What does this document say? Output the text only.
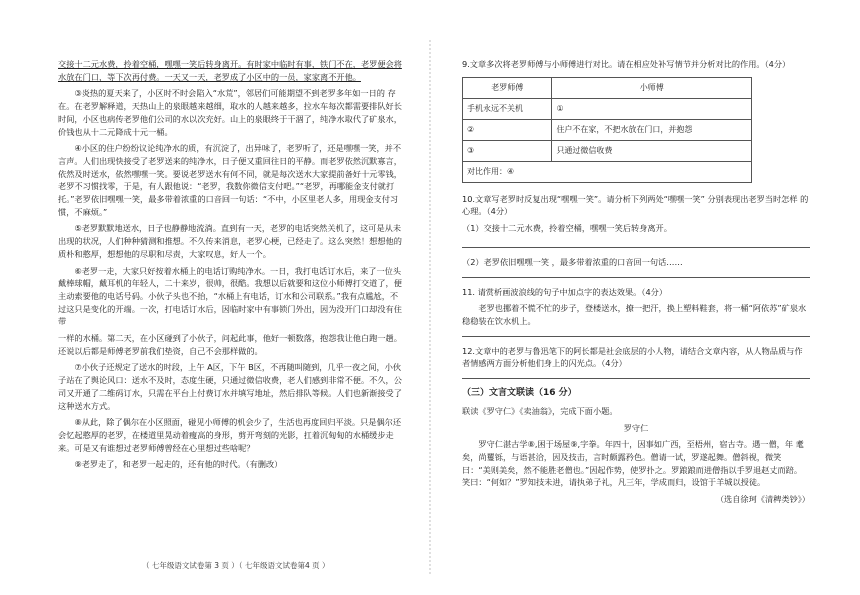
交接十二元水费，拎着空桶，嘿嘿一笑后转身离开。有时家中临时有事，铁门不在，老罗便会将水放在门口，等下次再付费。一天又一天，老罗成了小区中的一员，家家离不开他。

③炎热的夏天来了，小区时不时会陷入“水荒”，邻居们可能期望不到老罗多年如一日的 存在。在老罗解释道，天热山上的泉眼越来越细，取水的人越来越多，拉水车每次都需要排队好长 时间，小区也病传老罗他们公司的水以次充好。山上的泉眼终于干涸了，纯净水取代了矿泉水，价钱也从十二元降成十元一桶。

④小区的住户纷纷议论纯净水的质，有沉淀了，出异味了，老罗听了，还是嘿嘿一笑，并不言声。人们出现快接受了老罗送来的纯净水，日子便又重回往日的平静。而老罗依然沉默寡言， 依然及时送水，依然嘿嘿一笑。要说老罗送水有何不同，就是每次送水大家提前备好十元零钱，老罗不习惯找零，于是，有人跟他说：“老罗，我数你微信支付吧。”“老罗，再哪能金支付就打托。”老罗依旧嘿嘿一笑，最多带着浓重的口音回一句话：“不中，小区里老人多，用现金支付习惯，不麻烦。”

⑤老罗默默地送水，日子也静静地流淌。直到有一天，老罗的电话突然关机了，这可是从未 出现的状况，人们种种猜测和推想。不久传来消息，老罗心梗，已经走了。这么突然！想想他的质朴和憨厚，想想他的尽职和尽责，大家叹息，好人一个。

⑥老罗一走，大家只好按着水桶上的电话订购纯净水。一日，我打电话订水后，来了一位头 戴棒球帽，戴耳机的年轻人，二十来岁，很帅，很酷。我想以后就要和这位小师傅打交道了，便主动索要他的电话号码。小伙子头也不抬，“水桶上有电话，订水和公司联系。”我有点尴尬，不过这只是变化的开端。一次，打电话订水后，因临时家中有事锁门外出，因为没开门口却没有住带

一样的水桶。第二天，在小区碰到了小伙子，问起此事，他好一顿数落，抱怨我让他白跑一趟。还说以后都是师傅老罗前我们垫资，自己不会那样做的。

⑦小伙子还规定了送水的时段，上午 A区，下午 B区，不再随叫随到，几乎一夜之间，小伙子站在了舆论风口：送水不及时，态度生硬，只通过微信收费，老人们感到非常不便。不久，公 司又开通了二维码订水，只需在平台上付费订水并填写地址，然后排队等候。人们也新渐接受了这种送水方式。

⑧从此，除了偶尔在小区照面，碰见小师傅的机会少了，生活也再度回归平淡。只是偶尔还会忆起憨厚的老罗，在楼道里晃动着瘦高的身形，剪开弯刻的光影，扛着沉甸甸的水桶缓步走来。可是又有谁想过老罗师傅曾经在心里想过些啥呢？

⑨老罗走了，和老罗一起走的，还有他的时代。（有删改）

9.文章多次将老罗师傅与小师傅进行对比。请在相应处补写情节并分析对比的作用。（4分）

老罗师傅	小师傅
手机永远不关机	①
②	住户不在家，不把水放在门口，并抱怨
③	只通过微信收费
对比作用：④	

10.文章写老罗时反复出现“嘿嘿一笑”。请分析下列两处“嘿嘿一笑” 分别表现出老罗当时怎样 的心理。（4分）

（1）交接十二元水费，拎着空桶，嘿嘿一笑后转身离开。

（2）老罗依旧嘿嘿一笑 ，最多带着浓重的口音回一句话……

11. 请赏析画波浪线的句子中加点字的表达效果。（4分）

老罗也挪着不慌不忙的步子，登楼送水，撩一把汗，换上塑料鞋套，将一桶“阿依苏”矿泉水稳稳装在饮水机上。

12.文章中的老罗与鲁迅笔下的阿长都是社会底层的小人物，请结合文章内容，从人物品质与作者情感两方面分析他们身上的闪光点。（4分）

（三）文言文联读（16 分）

联读《罗守仁》《卖油翁》，完成下面小题。

罗守仁

罗守仁湛古学⑧,困于场屋⑨,字拳。年四十，因事如广西，至梧州，宿古寺。遇一僧，年 耄矣，尚矍铄，与语甚洽，因及技击，言时颇露矜色。僧请一试，罗遂起舞。僧斜视，微笑曰：“美则美矣，然不能胜老僧也。”因起作势，使罗扑之。罗踉踉而进僧指以手罗退赵丈而踣。笑曰：“何如？”罗知技未进，请执弟子礼，凡三年，学成而归，设馆于羊城以授徒。

（选自徐珂《清稗类钞》）

（ 七年级语文试卷第 3 页 ）（ 七年级语文试卷第4 页 ）
